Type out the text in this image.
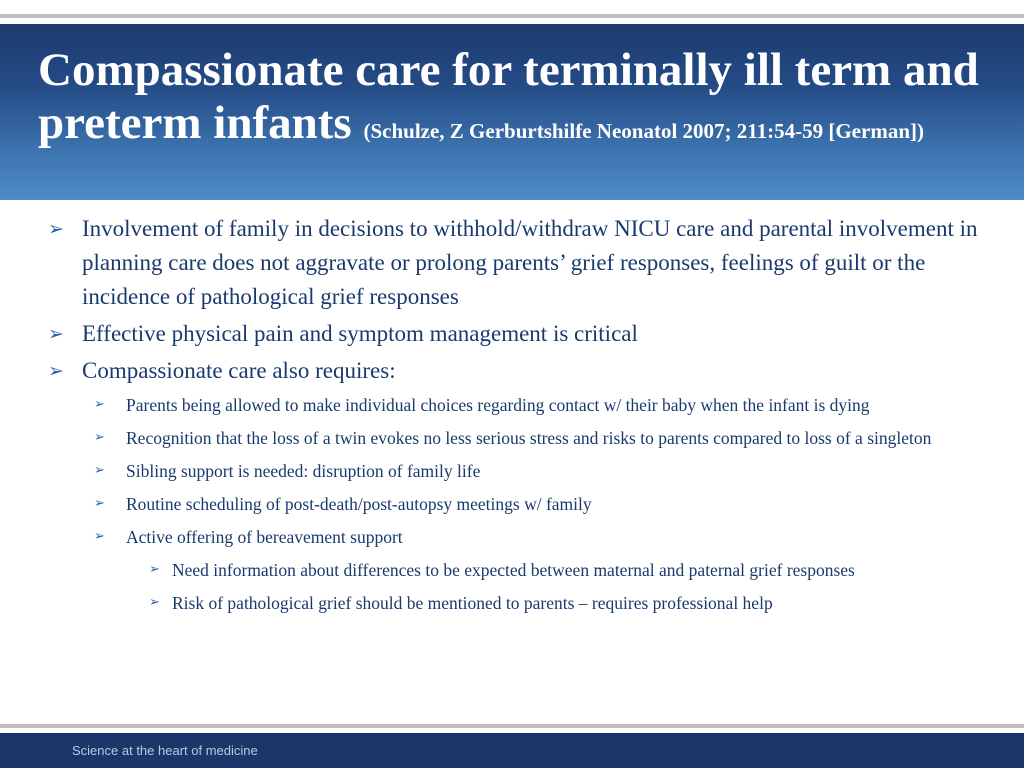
Compassionate care for terminally ill term and preterm infants (Schulze, Z Gerburtshilfe Neonatol 2007; 211:54-59 [German])
➢ Involvement of family in decisions to withhold/withdraw NICU care and parental involvement in planning care does not aggravate or prolong parents’ grief responses, feelings of guilt or the incidence of pathological grief responses
➢ Effective physical pain and symptom management is critical
➢ Compassionate care also requires:
➢ Parents being allowed to make individual choices regarding contact w/ their baby when the infant is dying
➢ Recognition that the loss of a twin evokes no less serious stress and risks to parents compared to loss of a singleton
➢ Sibling support is needed: disruption of family life
➢ Routine scheduling of post-death/post-autopsy meetings w/ family
➢ Active offering of bereavement support
➢ Need information about differences to be expected between maternal and paternal grief responses
➢ Risk of pathological grief should be mentioned to parents – requires professional help
Science at the heart of medicine
